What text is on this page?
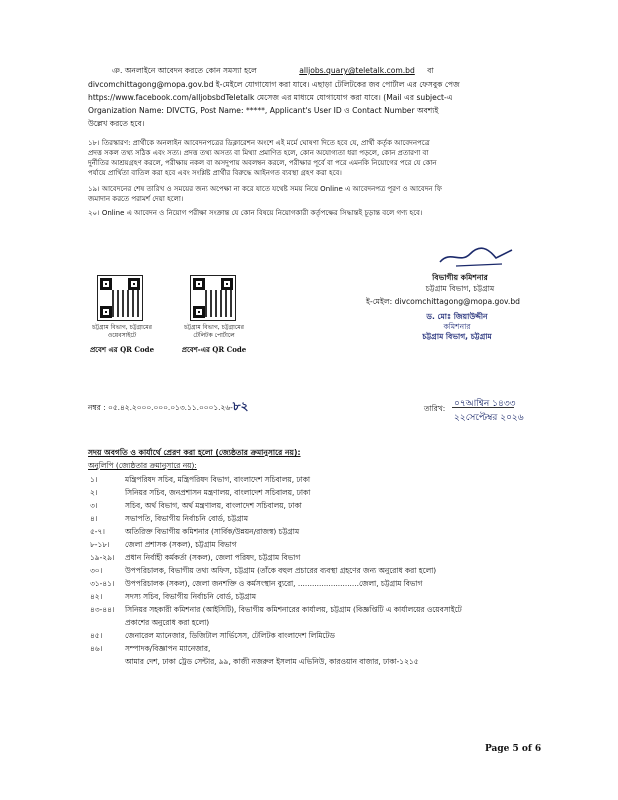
ঞ. অনলাইনে আবেদন করতে কোন সমস্যা হলে	alljobs.quary@teletalk.com.bd বা
divcomchittagong@mopa.gov.bd ই-মেইলে যোগাযোগ করা যাবে। এছাড়া টেলিটকের জব পোর্টাল এর ফেসবুক পেজ
https://www.facebook.com/alljobsbdTeletalk মেসেজ এর মাধ্যমে যোগাযোগ করা যাবে। (Mail এর subject-এ
Organization Name: DIVCTG, Post Name: *****, Applicant's User ID ও Contact Number অবশ্যই
উল্লেখ করতে হবে।
১৮। তিরস্কারণ: প্রার্থীকে অনলাইন আবেদনপত্রের ডিক্লারেশন অংশে এই মর্মে ঘোষণা দিতে হবে যে, প্রার্থী কর্তৃক আবেদনপত্রে
প্রদত্ত সকল তথ্য সঠিক এবং সত্য। প্রদত্ত তথ্য অসত্য বা মিথ্যা প্রমাণিত হলে, কোন অযোগ্যতা ধরা পড়লে, কোন প্রতারণা বা
দুর্নীতির আশ্রয়গ্রহণ করলে, পরীক্ষায় নকল বা অসদুপায় অবলম্বন করলে, পরীক্ষার পূর্বে বা পরে এমনকি নিয়োগের পরে যে কোন
পর্যায়ে প্রার্থিতা বাতিল করা হবে এবং সংশ্লিষ্ট প্রার্থীর বিরুদ্ধে আইনগত ব্যবস্থা গ্রহণ করা হবে।
১৯। আবেদনের শেষ তারিখ ও সময়ের জন্য অপেক্ষা না করে যাতে যথেষ্ট সময় নিয়ে Online এ আবেদনপত্র পূরণ ও আবেদন ফি
জমাদান করতে পরামর্শ দেয়া হলো।
২০। Online এ আবেদন ও নিয়োগ পরীক্ষা সংক্রান্ত যে কোন বিষয়ে নিয়োগকারী কর্তৃপক্ষের সিদ্ধান্তই চূড়ান্ত বলে গণ্য হবে।
বিভাগীয় কমিশনার
চট্টগ্রাম বিভাগ, চট্টগ্রাম
ই-মেইল: divcomchittagong@mopa.gov.bd
ড. মোঃ জিয়াউদ্দীন
কমিশনার
চট্টগ্রাম বিভাগ, চট্টগ্রাম
চট্টগ্রাম বিভাগ, চট্টগ্রামের
ওয়েবসাইটে
প্রবেশ এর QR Code
চট্টগ্রাম বিভাগ, চট্টগ্রামের
টেলিটক পোর্টালে
প্রবেশ-এর QR Code
নম্বর : ০৫.৪২.২০০০.০০০.০১৩.১১.০০০১.২৬-৮২	তারিখ: ০৭আশ্বিন ১৪৩৩
২২সেপ্টেম্বর ২০২৬
সদয় অবগতি ও কার্যার্থে প্রেরণ করা হলো (জ্যেষ্ঠতার ক্রমানুসারে নয়):
অনুলিপি (জ্যেষ্ঠতার ক্রমানুসারে নয়):
১।	মন্ত্রিপরিষদ সচিব, মন্ত্রিপরিষদ বিভাগ, বাংলাদেশ সচিবালয়, ঢাকা
২।	সিনিয়র সচিব, জনপ্রশাসন মন্ত্রণালয়, বাংলাদেশ সচিবালয়, ঢাকা
৩।	সচিব, অর্থ বিভাগ, অর্থ মন্ত্রণালয়, বাংলাদেশ সচিবালয়, ঢাকা
৪।	সভাপতি, বিভাগীয় নির্বাচনি বোর্ড, চট্টগ্রাম
৫-৭।	অতিরিক্ত বিভাগীয় কমিশনার (সার্বিক/উন্নয়ন/রাজস্ব) চট্টগ্রাম
৮-১৮। জেলা প্রশাসক (সকল), চট্টগ্রাম বিভাগ
১৯-২৯। প্রধান নির্বাহী কর্মকর্তা (সকল), জেলা পরিষদ, চট্টগ্রাম বিভাগ
৩০।	উপপরিচালক, বিভাগীয় তথ্য অফিস, চট্টগ্রাম (তাঁকে বহুল প্রচারের ব্যবস্থা গ্রহণের জন্য অনুরোধ করা হলো)
৩১-৪১। উপপরিচালক (সকল), জেলা জনশক্তি ও কর্মসংস্থান ব্যুরো, ..........................জেলা, চট্টগ্রাম বিভাগ
৪২।	সদস্য সচিব, বিভাগীয় নির্বাচনি বোর্ড, চট্টগ্রাম
৪৩-৪৪। সিনিয়র সহকারী কমিশনার (আইসিটি), বিভাগীয় কমিশনারের কার্যালয়, চট্টগ্রাম (বিজ্ঞপ্তিটি এ কার্যালয়ের ওয়েবসাইটে
প্রকাশের অনুরোধ করা হলো)
৪৫।	জেনারেল ম্যানেজার, ডিজিটাল সার্ভিসেস, টেলিটক বাংলাদেশ লিমিটেড
৪৬।	সম্পাদক/বিজ্ঞাপন ম্যানেজার,
আমার দেশ, ঢাকা ট্রেড সেন্টার, ৯৯, কাজী নজরুল ইসলাম এভিনিউ, কারওয়ান বাজার, ঢাকা-১২১৫
Page 5 of 6
